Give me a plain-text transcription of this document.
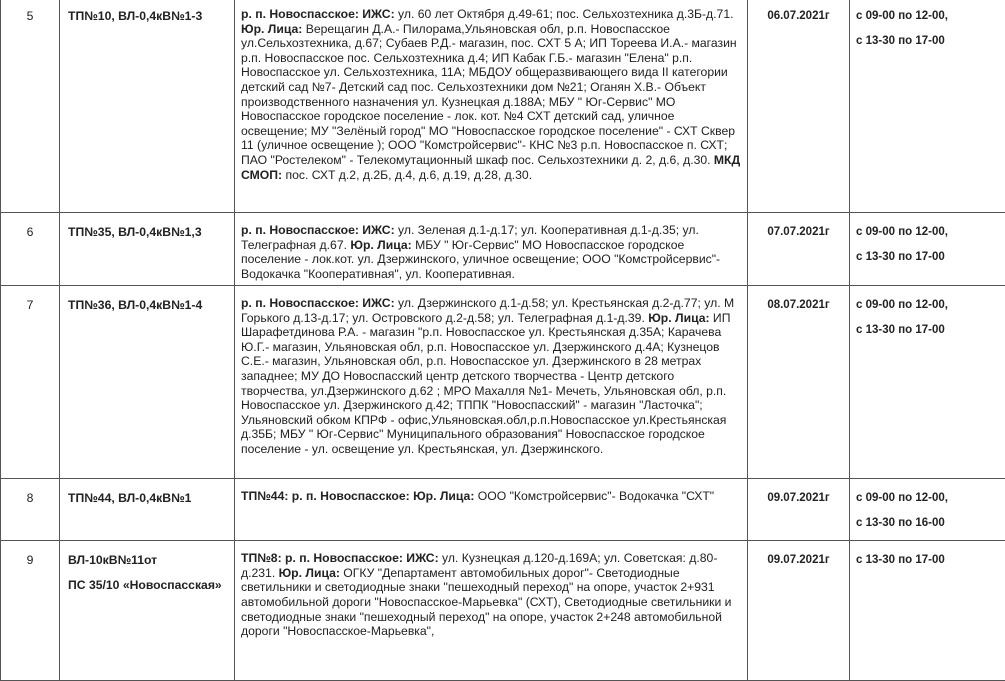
5	ТП№10, ВЛ-0,4кВ№1-3	р. п. Новоспасское: ИЖС: ул. 60 лет Октября д.49-61; пос. Сельхозтехника д.3Б-д.71. Юр. Лица: Верещагин Д.А.- Пилорама,Ульяновская обл, р.п. Новоспасское ул.Сельхозтехника, д.67; Субаев Р.Д.- магазин, пос. СХТ 5 А; ИП Тореева И.А.- магазин р.п. Новоспасское пос. Сельхозтехника д.4; ИП Кабак Г.Б.- магазин "Елена" р.п. Новоспасское ул. Сельхозтехника, 11А; МБДОУ общеразвивающего вида II категории детский сад №7- Детский сад пос. Сельхозтехники дом №21; Оганян Х.В.- Объект производственного назначения ул. Кузнецкая д.188А; МБУ " Юг-Сервис" МО Новоспасское городское поселение - лок. кот. №4 СХТ детский сад, уличное освещение; МУ "Зелёный город" МО "Новоспасское городское поселение" - СХТ Сквер 11 (уличное освещение ); ООО "Комстройсервис"- КНС №3 р.п. Новоспасское п. СХТ; ПАО "Ростелеком" - Телекомутационный шкаф пос. Сельхозтехники д. 2, д.6, д.30. МКД СМОП: пос. СХТ д.2, д.2Б, д.4, д.6, д.19, д.28, д.30.	06.07.2021г	с 09-00 по 12-00,
с 13-30 по 17-00

6	ТП№35, ВЛ-0,4кВ№1,3	р. п. Новоспасское: ИЖС: ул. Зеленая д.1-д.17; ул. Кооперативная д.1-д.35; ул. Телеграфная д.67. Юр. Лица: МБУ " Юг-Сервис" МО Новоспасское городское поселение - лок.кот. ул. Дзержинского, уличное освещение; ООО "Комстройсервис"- Водокачка "Кооперативная", ул. Кооперативная.	07.07.2021г	с 09-00 по 12-00,
с 13-30 по 17-00

7	ТП№36, ВЛ-0,4кВ№1-4	р. п. Новоспасское: ИЖС: ул. Дзержинского д.1-д.58; ул. Крестьянская д.2-д.77; ул. М Горького д.13-д.17; ул. Островского д.2-д.58; ул. Телеграфная д.1-д.39. Юр. Лица: ИП Шарафетдинова Р.А. - магазин "р.п. Новоспасское ул. Крестьянская д.35А; Карачева Ю.Г.- магазин, Ульяновская обл, р.п. Новоспасское ул. Дзержинского д.4А; Кузнецов С.Е.- магазин, Ульяновская обл, р.п. Новоспасское ул. Дзержинского в 28 метрах западнее; МУ ДО Новоспасский центр детского творчества - Центр детского творчества, ул.Дзержинского д.62 ; МРО Махалля №1- Мечеть, Ульяновская обл, р.п. Новоспасское ул. Дзержинского д.42; ТППК "Новоспасский" - магазин "Ласточка"; Ульяновский обком КПРФ - офис,Ульяновская.обл,р.п.Новоспасское ул.Крестьянская д.35Б; МБУ " Юг-Сервис" Муниципального образования" Новоспасское городское поселение - ул. освещение ул. Крестьянская, ул. Дзержинского.	08.07.2021г	с 09-00 по 12-00,
с 13-30 по 17-00

8	ТП№44, ВЛ-0,4кВ№1	ТП№44: р. п. Новоспасское: Юр. Лица: ООО "Комстройсервис"- Водокачка "СХТ"	09.07.2021г	с 09-00 по 12-00,
с 13-30 по 16-00

9	ВЛ-10кВ№11от
ПС 35/10 «Новоспасская»	ТП№8: р. п. Новоспасское: ИЖС: ул. Кузнецкая д.120-д.169А; ул. Советская: д.80-д.231. Юр. Лица: ОГКУ "Департамент автомобильных дорог"- Светодиодные светильники и светодиодные знаки "пешеходный переход" на опоре, участок 2+931 автомобильной дороги "Новоспасское-Марьевка" (СХТ), Светодиодные светильники и светодиодные знаки "пешеходный переход" на опоре, участок 2+248 автомобильной дороги "Новоспасское-Марьевка",	09.07.2021г	с 13-30 по 17-00
